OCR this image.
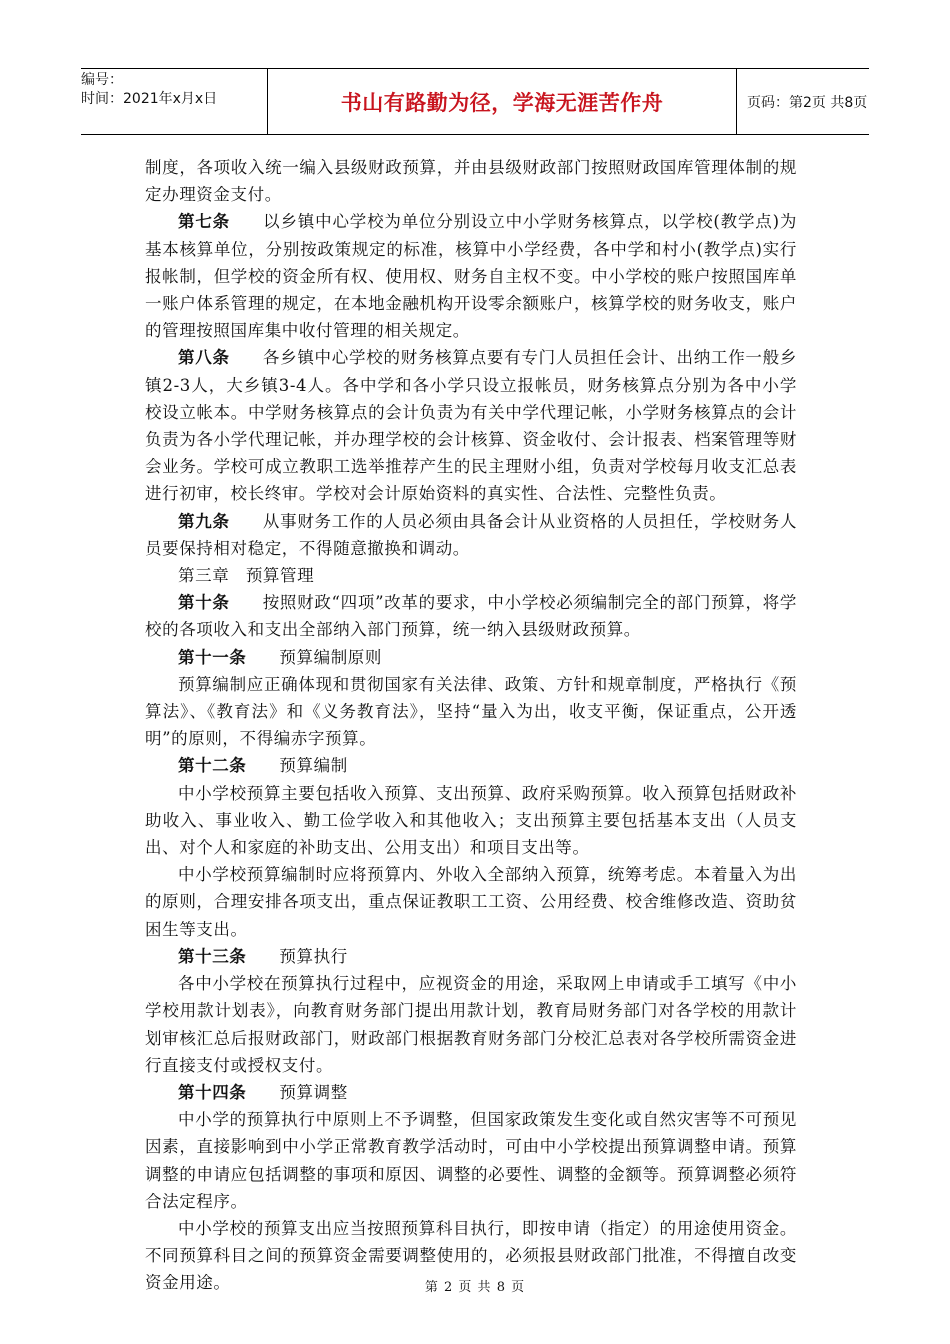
编号：
时间：2021年x月x日	书山有路勤为径，学海无涯苦作舟	页码：第2页 共8页

制度，各项收入统一编入县级财政预算，并由县级财政部门按照财政国库管理体制的规定办理资金支付。

第七条 以乡镇中心学校为单位分别设立中小学财务核算点，以学校(教学点)为基本核算单位，分别按政策规定的标准，核算中小学经费，各中学和村小(教学点)实行报帐制，但学校的资金所有权、使用权、财务自主权不变。中小学校的账户按照国库单一账户体系管理的规定，在本地金融机构开设零余额账户，核算学校的财务收支，账户的管理按照国库集中收付管理的相关规定。

第八条 各乡镇中心学校的财务核算点要有专门人员担任会计、出纳工作一般乡镇2-3人，大乡镇3-4人。各中学和各小学只设立报帐员，财务核算点分别为各中小学校设立帐本。中学财务核算点的会计负责为有关中学代理记帐，小学财务核算点的会计负责为各小学代理记帐，并办理学校的会计核算、资金收付、会计报表、档案管理等财会业务。学校可成立教职工选举推荐产生的民主理财小组，负责对学校每月收支汇总表进行初审，校长终审。学校对会计原始资料的真实性、合法性、完整性负责。

第九条 从事财务工作的人员必须由具备会计从业资格的人员担任，学校财务人员要保持相对稳定，不得随意撤换和调动。

第三章 预算管理

第十条 按照财政“四项”改革的要求，中小学校必须编制完全的部门预算，将学校的各项收入和支出全部纳入部门预算，统一纳入县级财政预算。

第十一条 预算编制原则

预算编制应正确体现和贯彻国家有关法律、政策、方针和规章制度，严格执行《预算法》、《教育法》和《义务教育法》，坚持“量入为出，收支平衡，保证重点，公开透明”的原则，不得编赤字预算。

第十二条 预算编制

中小学校预算主要包括收入预算、支出预算、政府采购预算。收入预算包括财政补助收入、事业收入、勤工俭学收入和其他收入；支出预算主要包括基本支出（人员支出、对个人和家庭的补助支出、公用支出）和项目支出等。

中小学校预算编制时应将预算内、外收入全部纳入预算，统筹考虑。本着量入为出的原则，合理安排各项支出，重点保证教职工工资、公用经费、校舍维修改造、资助贫困生等支出。

第十三条 预算执行

各中小学校在预算执行过程中，应视资金的用途，采取网上申请或手工填写《中小学校用款计划表》，向教育财务部门提出用款计划，教育局财务部门对各学校的用款计划审核汇总后报财政部门，财政部门根据教育财务部门分校汇总表对各学校所需资金进行直接支付或授权支付。

第十四条 预算调整

中小学的预算执行中原则上不予调整，但国家政策发生变化或自然灾害等不可预见因素，直接影响到中小学正常教育教学活动时，可由中小学校提出预算调整申请。预算调整的申请应包括调整的事项和原因、调整的必要性、调整的金额等。预算调整必须符合法定程序。

中小学校的预算支出应当按照预算科目执行，即按申请（指定）的用途使用资金。不同预算科目之间的预算资金需要调整使用的，必须报县财政部门批准，不得擅自改变资金用途。	第 2 页 共 8 页
